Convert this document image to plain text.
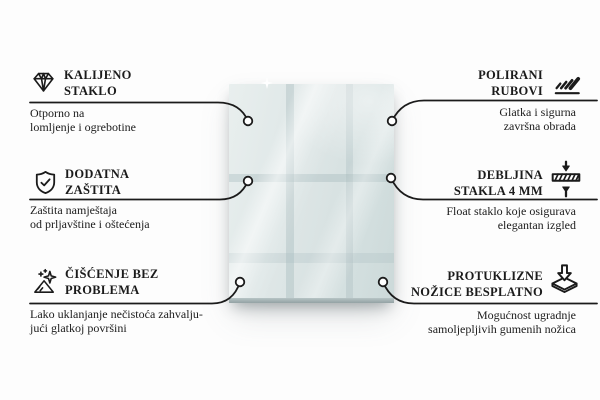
KALIJENO
STAKLO

Otporno na
lomljenje i ogrebotine

DODATNA
ZAŠTITA

Zaštita namještaja
od prljavštine i oštećenja

ČIŠĆENJE BEZ
PROBLEMA

Lako uklanjanje nečistoća zahvalju-
jući glatkoj površini

POLIRANI
RUBOVI

Glatka i sigurna
završna obrada

DEBLJINA
STAKLA 4 MM

Float staklo koje osigurava
elegantan izgled

PROTUKLIZNE
NOŽICE BESPLATNO

Mogućnost ugradnje
samoljepljivih gumenih nožica
